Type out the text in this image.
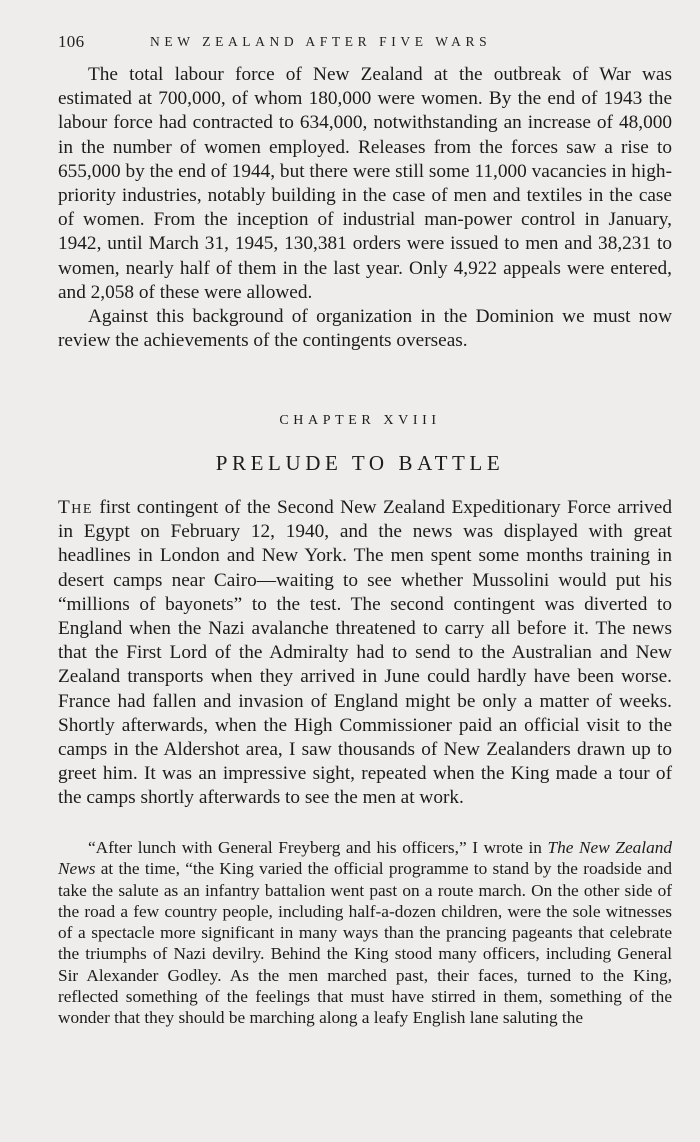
106	NEW ZEALAND AFTER FIVE WARS

The total labour force of New Zealand at the outbreak of War was estimated at 700,000, of whom 180,000 were women. By the end of 1943 the labour force had contracted to 634,000, notwithstanding an increase of 48,000 in the number of women employed. Releases from the forces saw a rise to 655,000 by the end of 1944, but there were still some 11,000 vacancies in high-priority industries, notably building in the case of men and textiles in the case of women. From the inception of industrial man-power control in January, 1942, until March 31, 1945, 130,381 orders were issued to men and 38,231 to women, nearly half of them in the last year. Only 4,922 appeals were entered, and 2,058 of these were allowed.

Against this background of organization in the Dominion we must now review the achievements of the contingents overseas.

CHAPTER XVIII
PRELUDE TO BATTLE

The first contingent of the Second New Zealand Expeditionary Force arrived in Egypt on February 12, 1940, and the news was displayed with great headlines in London and New York. The men spent some months training in desert camps near Cairo—waiting to see whether Mussolini would put his “millions of bayonets” to the test. The second contingent was diverted to England when the Nazi avalanche threatened to carry all before it. The news that the First Lord of the Admiralty had to send to the Australian and New Zealand transports when they arrived in June could hardly have been worse. France had fallen and invasion of England might be only a matter of weeks. Shortly afterwards, when the High Commissioner paid an official visit to the camps in the Aldershot area, I saw thousands of New Zealanders drawn up to greet him. It was an impressive sight, repeated when the King made a tour of the camps shortly afterwards to see the men at work.

“After lunch with General Freyberg and his officers,” I wrote in The New Zealand News at the time, “the King varied the official programme to stand by the roadside and take the salute as an infantry battalion went past on a route march. On the other side of the road a few country people, including half-a-dozen children, were the sole witnesses of a spectacle more significant in many ways than the prancing pageants that celebrate the triumphs of Nazi devilry. Behind the King stood many officers, including General Sir Alexander Godley. As the men marched past, their faces, turned to the King, reflected something of the feelings that must have stirred in them, something of the wonder that they should be marching along a leafy English lane saluting the
